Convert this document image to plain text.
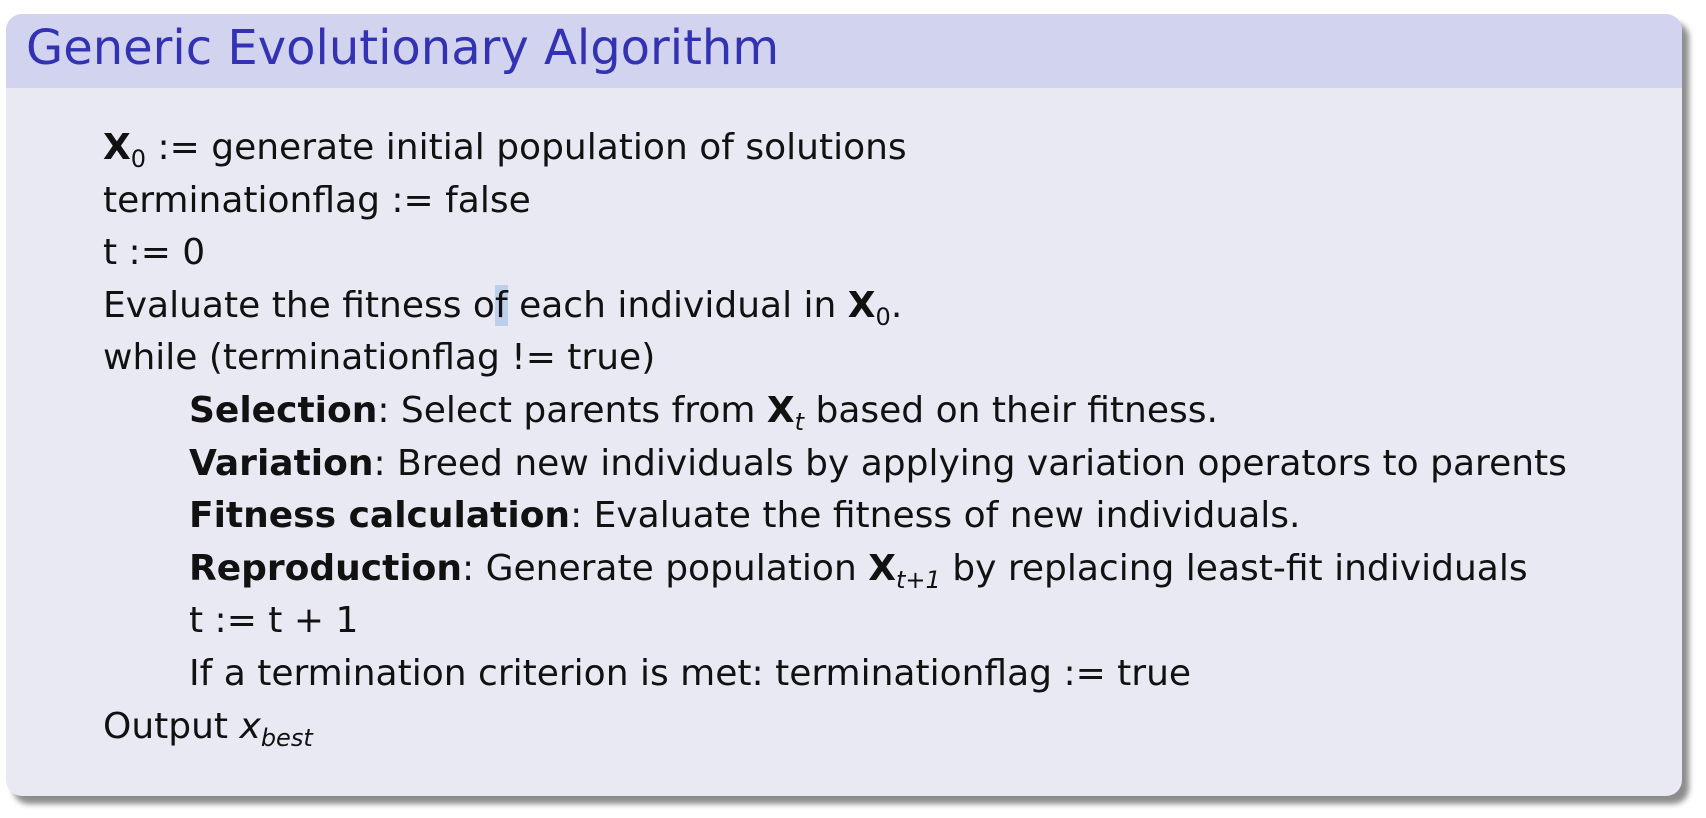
Generic Evolutionary Algorithm
$X_0$ := generate initial population of solutions
terminationflag := false
t := 0
Evaluate the fitness of each individual in $X_0$.
while (terminationflag != true)
Selection: Select parents from $X_t$ based on their fitness.
Variation: Breed new individuals by applying variation operators to parents
Fitness calculation: Evaluate the fitness of new individuals.
Reproduction: Generate population $X_{t+1}$ by replacing least-fit individuals
t := t + 1
If a termination criterion is met: terminationflag := true
Output $x_{best}$
